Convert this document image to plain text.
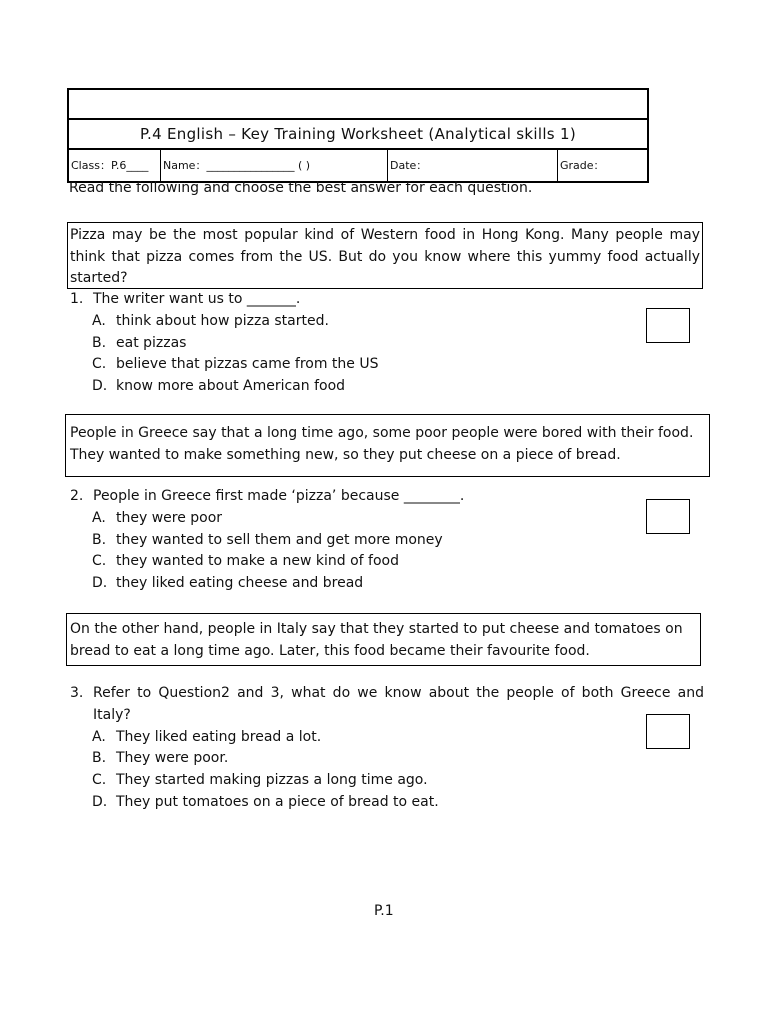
P.4 English – Key Training Worksheet (Analytical skills 1)
Class：P.6____	Name：________________ ( )	Date：	Grade：
Read the following and choose the best answer for each question.
Pizza may be the most popular kind of Western food in Hong Kong. Many people may think that pizza comes from the US. But do you know where this yummy food actually started?
1. The writer want us to _______.
A. think about how pizza started.
B. eat pizzas
C. believe that pizzas came from the US
D. know more about American food
People in Greece say that a long time ago, some poor people were bored with their food. They wanted to make something new, so they put cheese on a piece of bread.
2. People in Greece first made ‘pizza’ because ________.
A. they were poor
B. they wanted to sell them and get more money
C. they wanted to make a new kind of food
D. they liked eating cheese and bread
On the other hand, people in Italy say that they started to put cheese and tomatoes on bread to eat a long time ago. Later, this food became their favourite food.
3. Refer to Question2 and 3, what do we know about the people of both Greece and Italy?
A. They liked eating bread a lot.
B. They were poor.
C. They started making pizzas a long time ago.
D. They put tomatoes on a piece of bread to eat.
P.1
